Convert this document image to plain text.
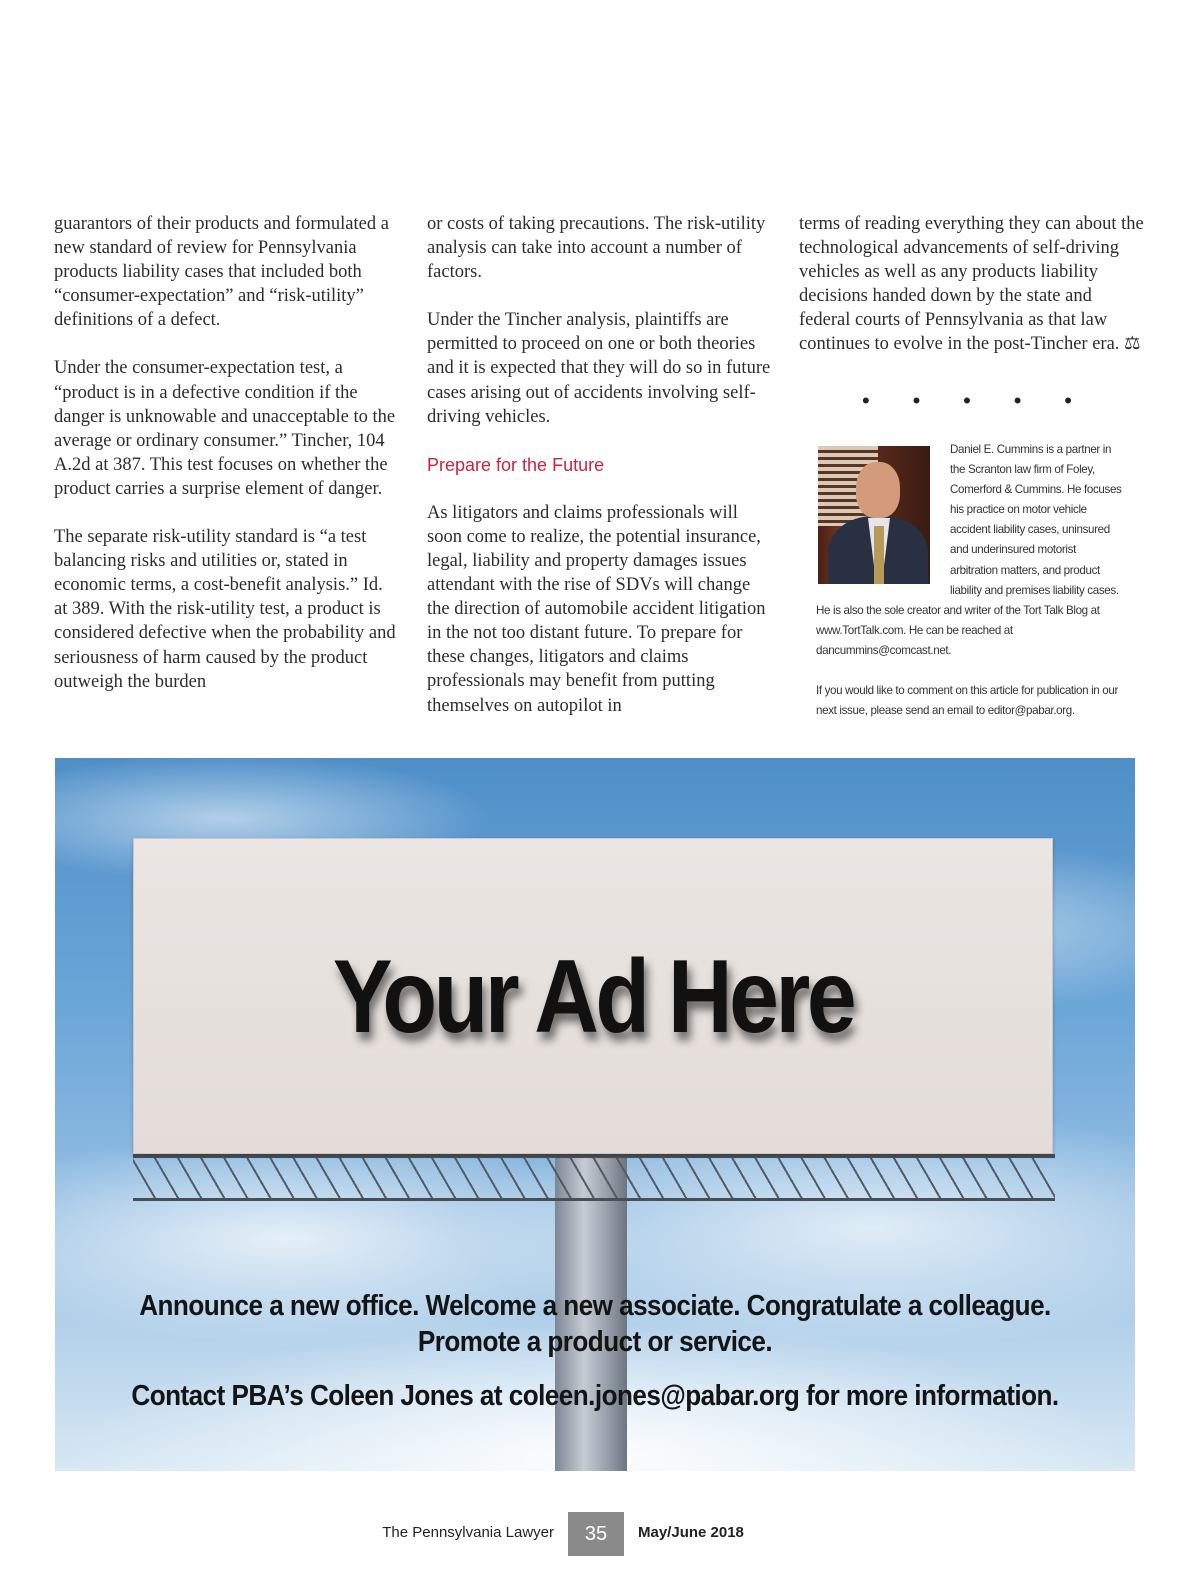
guarantors of their products and formulated a new standard of review for Pennsylvania products liability cases that included both “consumer-expectation” and “risk-utility” definitions of a defect.

Under the consumer-expectation test, a “product is in a defective condition if the danger is unknowable and unacceptable to the average or ordinary consumer.” Tincher, 104 A.2d at 387. This test focuses on whether the product carries a surprise element of danger.

The separate risk-utility standard is “a test balancing risks and utilities or, stated in economic terms, a cost-benefit analysis.” Id. at 389. With the risk-utility test, a product is considered defective when the probability and seriousness of harm caused by the product outweigh the burden

or costs of taking precautions. The risk-utility analysis can take into account a number of factors.

Under the Tincher analysis, plaintiffs are permitted to proceed on one or both theories and it is expected that they will do so in future cases arising out of accidents involving self-driving vehicles.

Prepare for the Future

As litigators and claims professionals will soon come to realize, the potential insurance, legal, liability and property damages issues attendant with the rise of SDVs will change the direction of automobile accident litigation in the not too distant future. To prepare for these changes, litigators and claims professionals may benefit from putting themselves on autopilot in

terms of reading everything they can about the technological advancements of self-driving vehicles as well as any products liability decisions handed down by the state and federal courts of Pennsylvania as that law continues to evolve in the post-Tincher era. ⚖

• • • • •

Daniel E. Cummins is a partner in the Scranton law firm of Foley, Comerford & Cummins. He focuses his practice on motor vehicle accident liability cases, uninsured and underinsured motorist arbitration matters, and product liability and premises liability cases. He is also the sole creator and writer of the Tort Talk Blog at www.TortTalk.com. He can be reached at dancummins@comcast.net.

If you would like to comment on this article for publication in our next issue, please send an email to editor@pabar.org.

Your Ad Here
Announce a new office. Welcome a new associate. Congratulate a colleague.
Promote a product or service.
Contact PBA’s Coleen Jones at coleen.jones@pabar.org for more information.
The Pennsylvania Lawyer	35	May/June 2018
